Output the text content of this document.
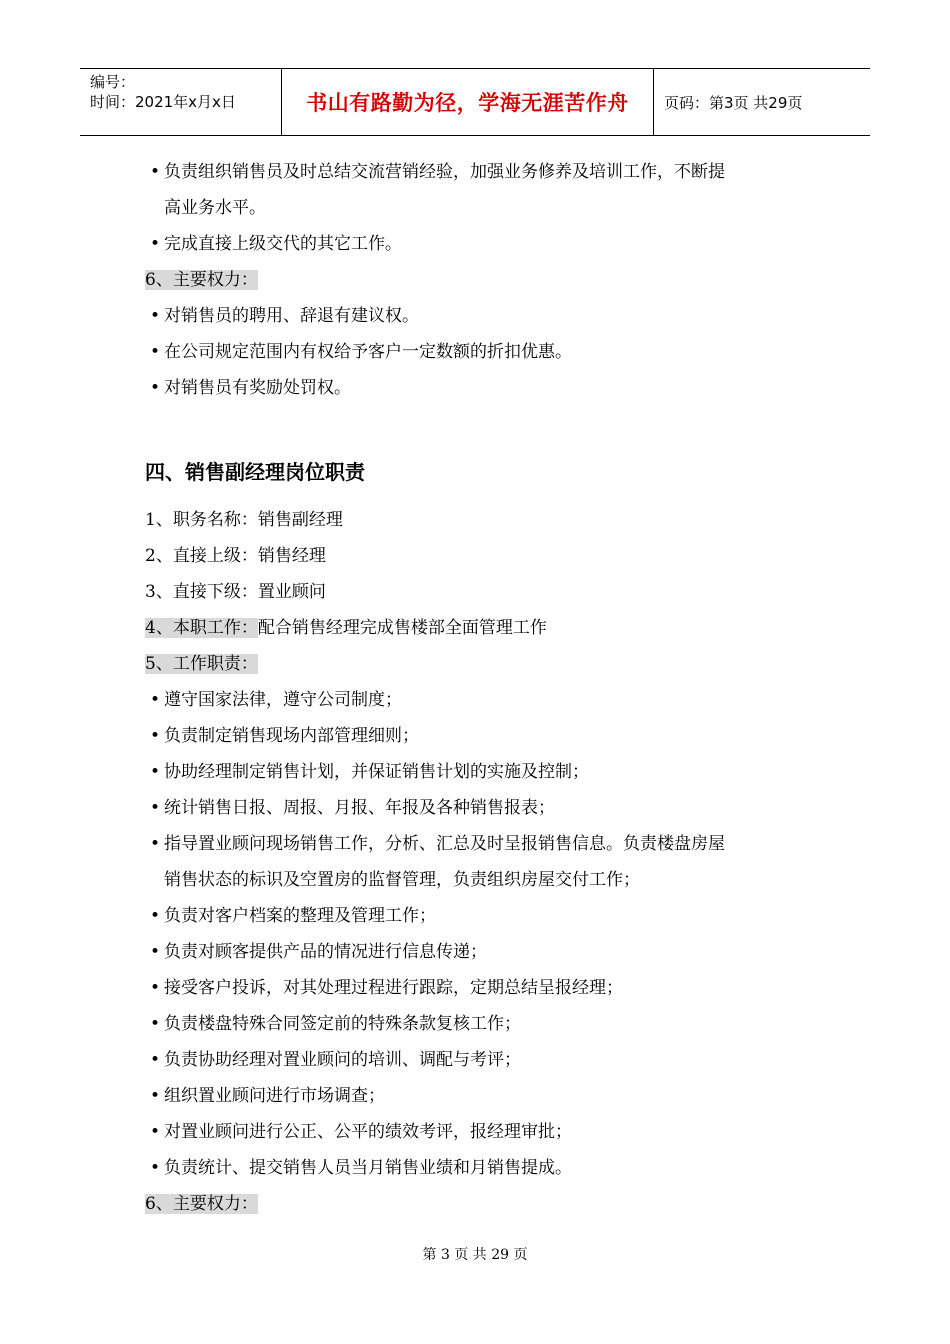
编号：
时间：2021年x月x日	书山有路勤为径，学海无涯苦作舟 页码：第3页 共29页
• 负责组织销售员及时总结交流营销经验，加强业务修养及培训工作，不断提
高业务水平。
• 完成直接上级交代的其它工作。
6、主要权力：
• 对销售员的聘用、辞退有建议权。
• 在公司规定范围内有权给予客户一定数额的折扣优惠。
• 对销售员有奖励处罚权。
四、销售副经理岗位职责
1、职务名称：销售副经理
2、直接上级：销售经理
3、直接下级：置业顾问
4、本职工作：配合销售经理完成售楼部全面管理工作
5、工作职责：
• 遵守国家法律，遵守公司制度；
• 负责制定销售现场内部管理细则；
• 协助经理制定销售计划，并保证销售计划的实施及控制；
• 统计销售日报、周报、月报、年报及各种销售报表；
• 指导置业顾问现场销售工作，分析、汇总及时呈报销售信息。负责楼盘房屋
销售状态的标识及空置房的监督管理，负责组织房屋交付工作；
• 负责对客户档案的整理及管理工作；
• 负责对顾客提供产品的情况进行信息传递；
• 接受客户投诉，对其处理过程进行跟踪，定期总结呈报经理；
• 负责楼盘特殊合同签定前的特殊条款复核工作；
• 负责协助经理对置业顾问的培训、调配与考评；
• 组织置业顾问进行市场调查；
• 对置业顾问进行公正、公平的绩效考评，报经理审批；
• 负责统计、提交销售人员当月销售业绩和月销售提成。
6、主要权力：
第 3 页 共 29 页
